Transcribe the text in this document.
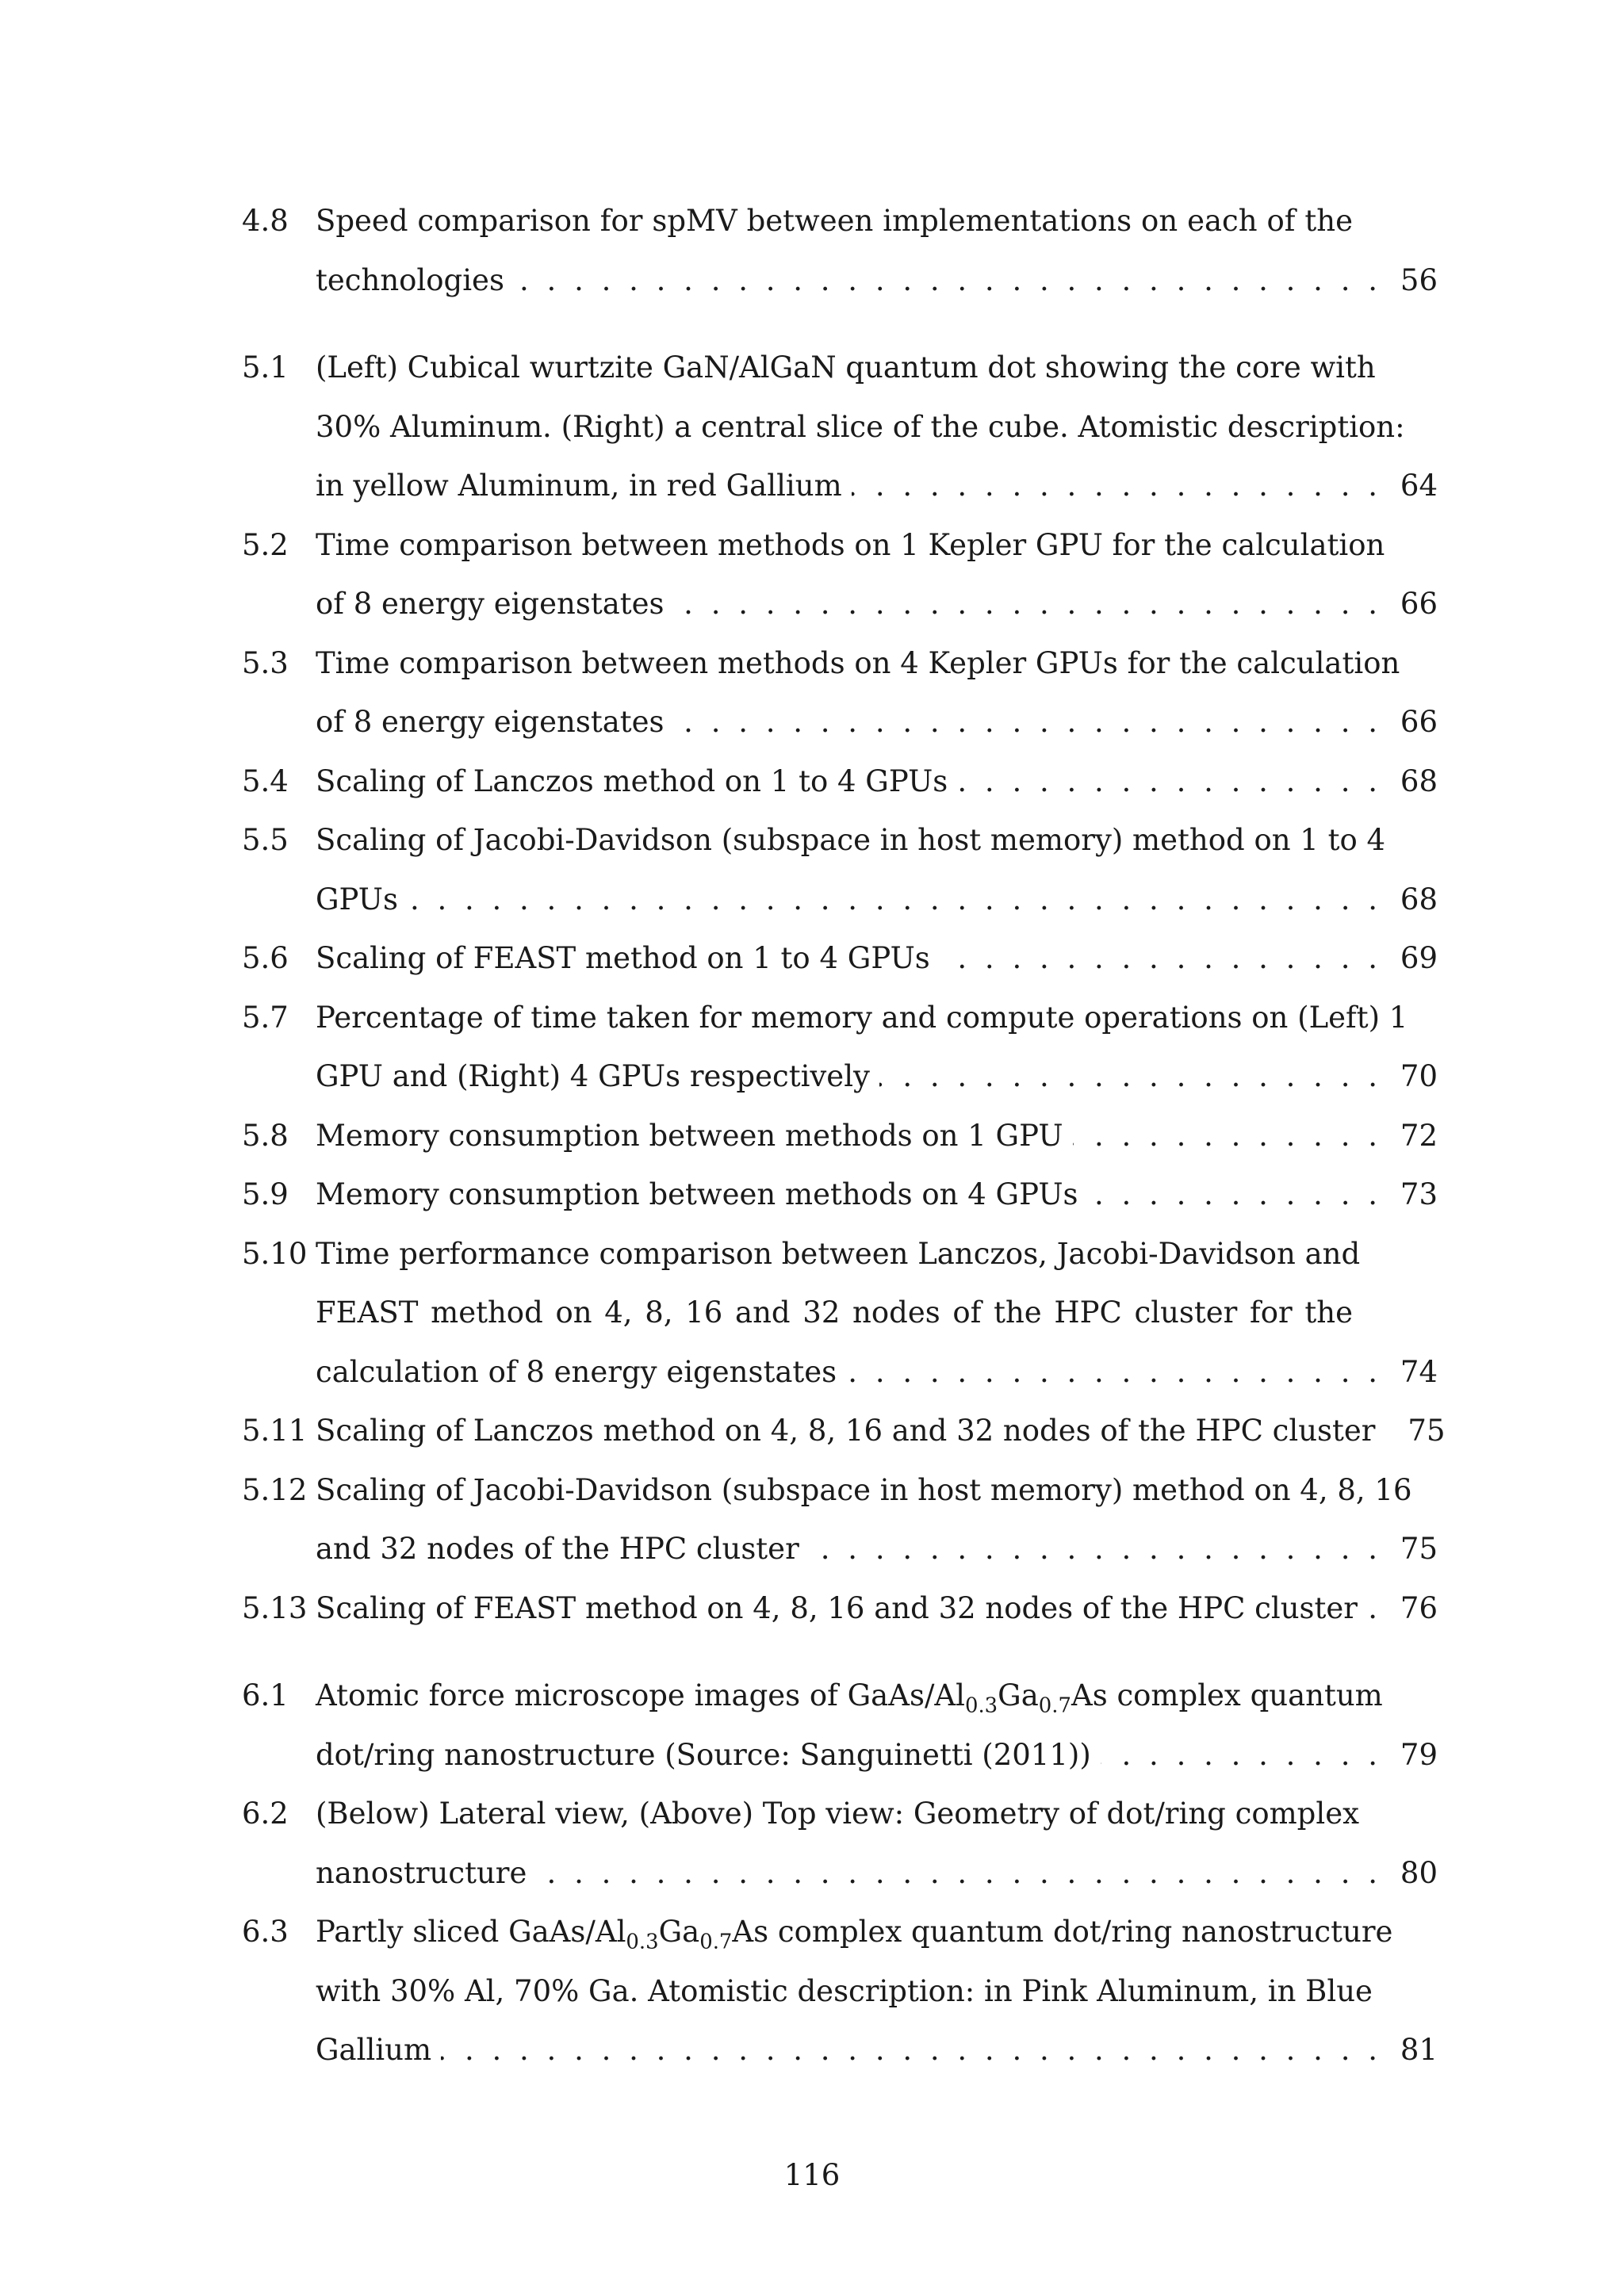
4.8 Speed comparison for spMV between implementations on each of the
technologies . . .	56
5.1 (Left) Cubical wurtzite GaN/AlGaN quantum dot showing the core with
30% Aluminum. (Right) a central slice of the cube. Atomistic description:
in yellow Aluminum, in red Gallium . . .	64
5.2 Time comparison between methods on 1 Kepler GPU for the calculation
of 8 energy eigenstates . . .	66
5.3 Time comparison between methods on 4 Kepler GPUs for the calculation
of 8 energy eigenstates . . .	66
5.4 Scaling of Lanczos method on 1 to 4 GPUs . . .	68
5.5 Scaling of Jacobi-Davidson (subspace in host memory) method on 1 to 4
GPUs . . .	68
5.6 Scaling of FEAST method on 1 to 4 GPUs . . .	69
5.7 Percentage of time taken for memory and compute operations on (Left) 1
GPU and (Right) 4 GPUs respectively . . .	70
5.8 Memory consumption between methods on 1 GPU . . .	72
5.9 Memory consumption between methods on 4 GPUs . . .	73
5.10 Time performance comparison between Lanczos, Jacobi-Davidson and
FEAST method on 4, 8, 16 and 32 nodes of the HPC cluster for the
calculation of 8 energy eigenstates . . .	74
5.11 Scaling of Lanczos method on 4, 8, 16 and 32 nodes of the HPC cluster	75
5.12 Scaling of Jacobi-Davidson (subspace in host memory) method on 4, 8, 16
and 32 nodes of the HPC cluster . . .	75
5.13 Scaling of FEAST method on 4, 8, 16 and 32 nodes of the HPC cluster . . .	76
6.1 Atomic force microscope images of GaAs/$Al_{0.3}Ga_{0.7}As$ complex quantum
dot/ring nanostructure (Source: Sanguinetti (2011)) . . .	79
6.2 (Below) Lateral view, (Above) Top view: Geometry of dot/ring complex
nanostructure . . .	80
6.3 Partly sliced GaAs/$Al_{0.3}Ga_{0.7}As$ complex quantum dot/ring nanostructure
with 30% Al, 70% Ga. Atomistic description: in Pink Aluminum, in Blue
Gallium . . .	81
116
